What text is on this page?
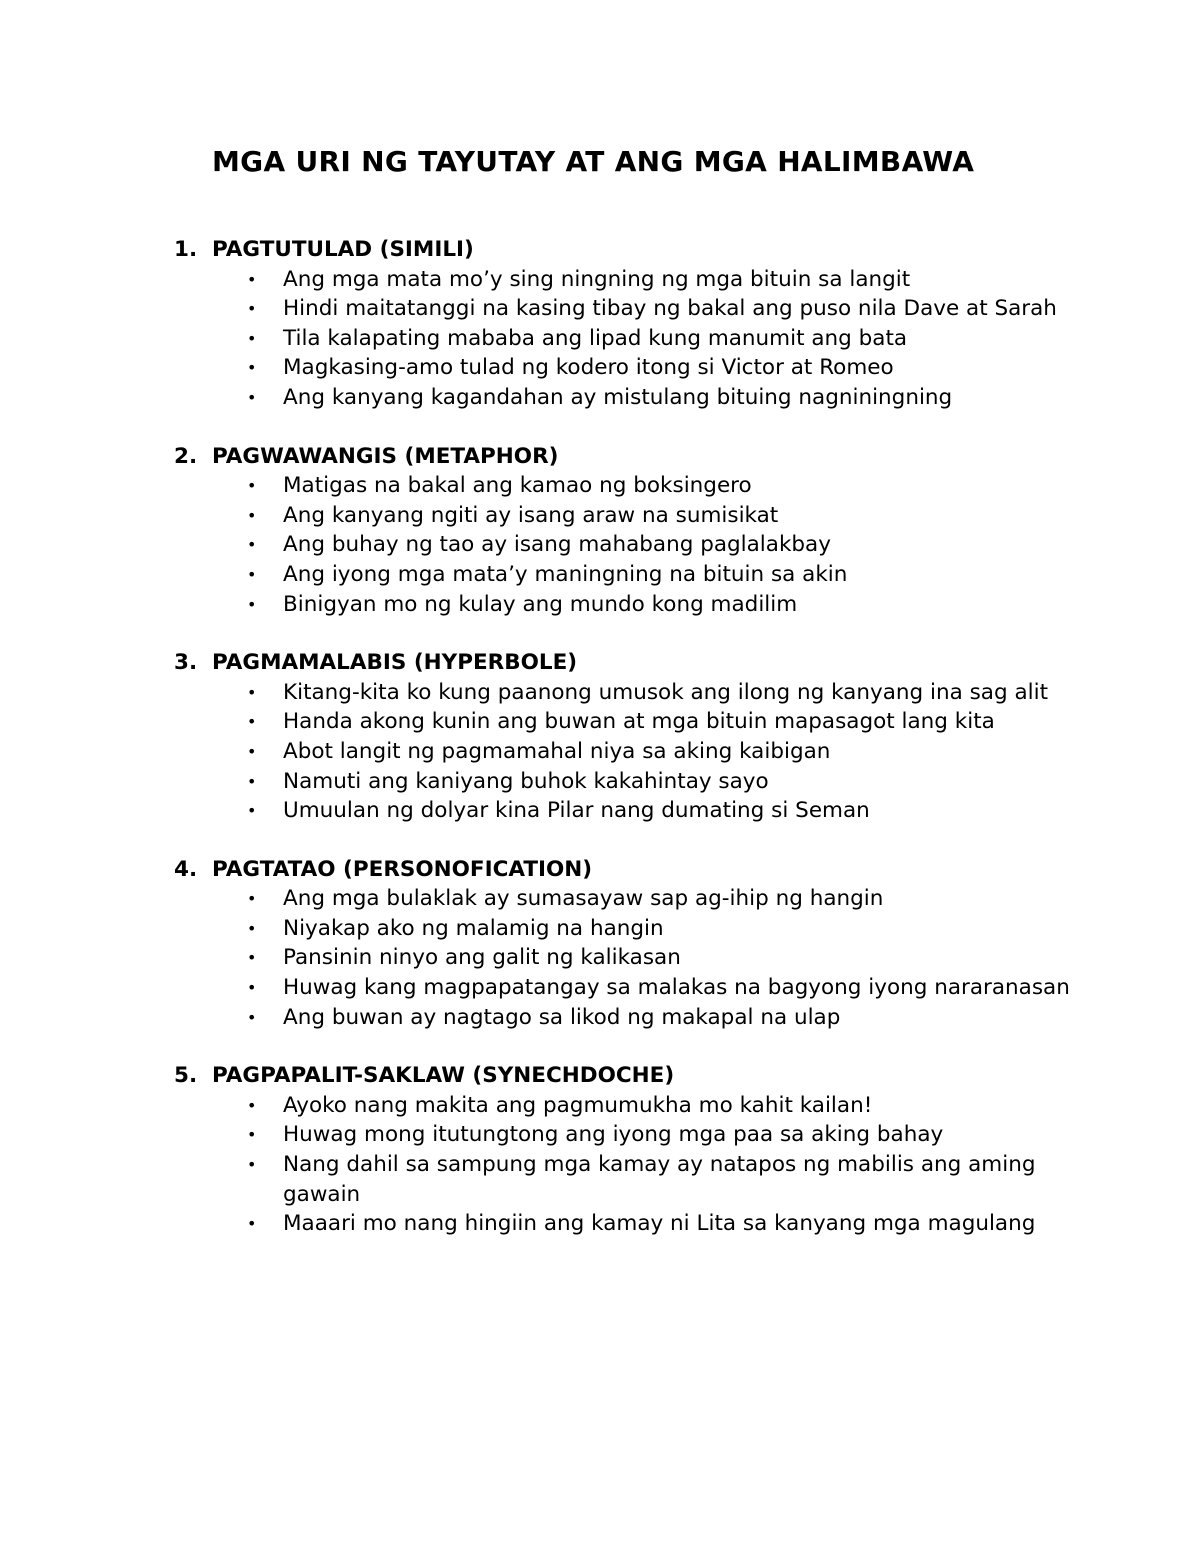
MGA URI NG TAYUTAY AT ANG MGA HALIMBAWA
1. PAGTUTULAD (SIMILI)
• Ang mga mata mo’y sing ningning ng mga bituin sa langit
• Hindi maitatanggi na kasing tibay ng bakal ang puso nila Dave at Sarah
• Tila kalapating mababa ang lipad kung manumit ang bata
• Magkasing-amo tulad ng kodero itong si Victor at Romeo
• Ang kanyang kagandahan ay mistulang bituing nagniningning
2. PAGWAWANGIS (METAPHOR)
• Matigas na bakal ang kamao ng boksingero
• Ang kanyang ngiti ay isang araw na sumisikat
• Ang buhay ng tao ay isang mahabang paglalakbay
• Ang iyong mga mata’y maningning na bituin sa akin
• Binigyan mo ng kulay ang mundo kong madilim
3. PAGMAMALABIS (HYPERBOLE)
• Kitang-kita ko kung paanong umusok ang ilong ng kanyang ina sag alit
• Handa akong kunin ang buwan at mga bituin mapasagot lang kita
• Abot langit ng pagmamahal niya sa aking kaibigan
• Namuti ang kaniyang buhok kakahintay sayo
• Umuulan ng dolyar kina Pilar nang dumating si Seman
4. PAGTATAO (PERSONOFICATION)
• Ang mga bulaklak ay sumasayaw sap ag-ihip ng hangin
• Niyakap ako ng malamig na hangin
• Pansinin ninyo ang galit ng kalikasan
• Huwag kang magpapatangay sa malakas na bagyong iyong nararanasan
• Ang buwan ay nagtago sa likod ng makapal na ulap
5. PAGPAPALIT-SAKLAW (SYNECHDOCHE)
• Ayoko nang makita ang pagmumukha mo kahit kailan!
• Huwag mong itutungtong ang iyong mga paa sa aking bahay
• Nang dahil sa sampung mga kamay ay natapos ng mabilis ang aming gawain
• Maaari mo nang hingiin ang kamay ni Lita sa kanyang mga magulang
